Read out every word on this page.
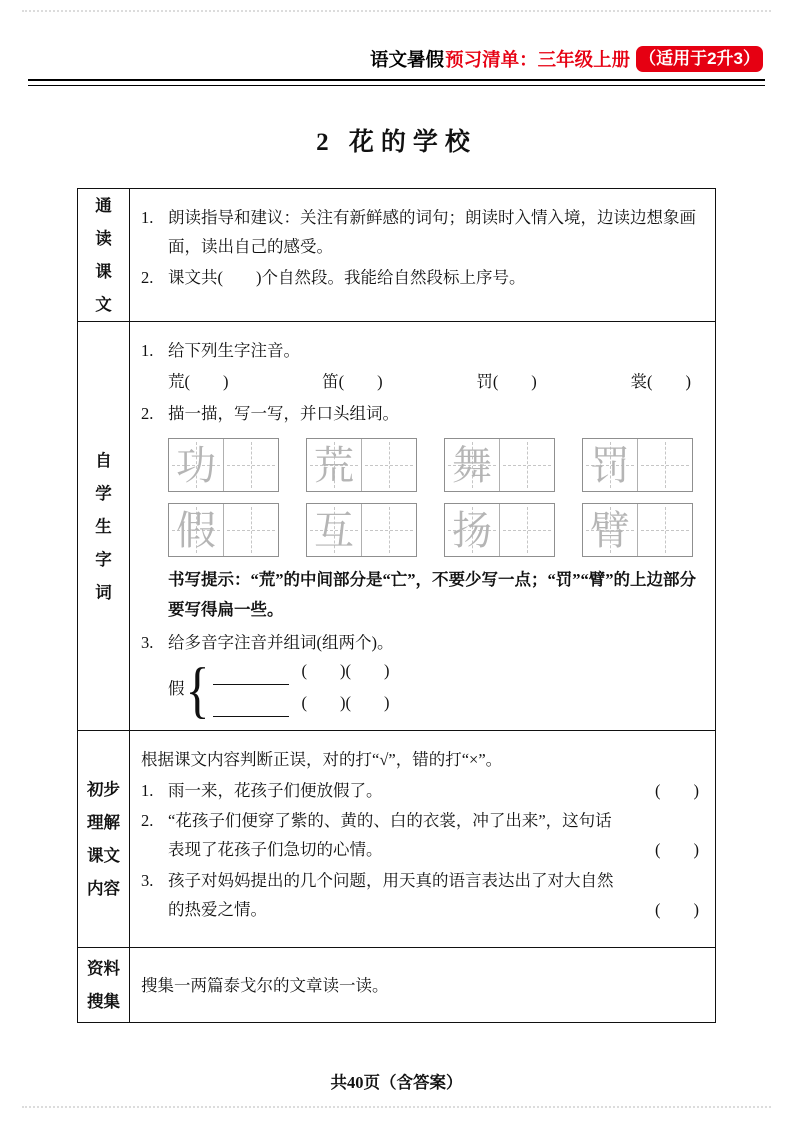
语文暑假 预习清单：三年级上册 （适用于2升3）
2 花的学校
通读课文
1. 朗读指导和建议：关注有新鲜感的词句；朗读时入情入境，边读边想象画面，读出自己的感受。
2. 课文共(　　)个自然段。我能给自然段标上序号。
自学生字词
1. 给下列生字注音。
荒(　　)	笛(　　)	罚(　　)	裳(　　)
2. 描一描，写一写，并口头组词。
功 荒 舞 罚
假 互 扬 臂
书写提示：“荒”的中间部分是“亡”，不要少写一点；“罚”“臂”的上边部分要写得扁一些。
3. 给多音字注音并组词(组两个)。
假 {	(　　)(　　)
(　　)(　　)
初步理解课文内容
根据课文内容判断正误，对的打“√”，错的打“×”。
1. 雨一来，花孩子们便放假了。	(　　)
2. “花孩子们便穿了紫的、黄的、白的衣裳，冲了出来”，这句话表现了花孩子们急切的心情。	(　　)
3. 孩子对妈妈提出的几个问题，用天真的语言表达出了对大自然的热爱之情。	(　　)
资料搜集
搜集一两篇泰戈尔的文章读一读。
共40页（含答案）
